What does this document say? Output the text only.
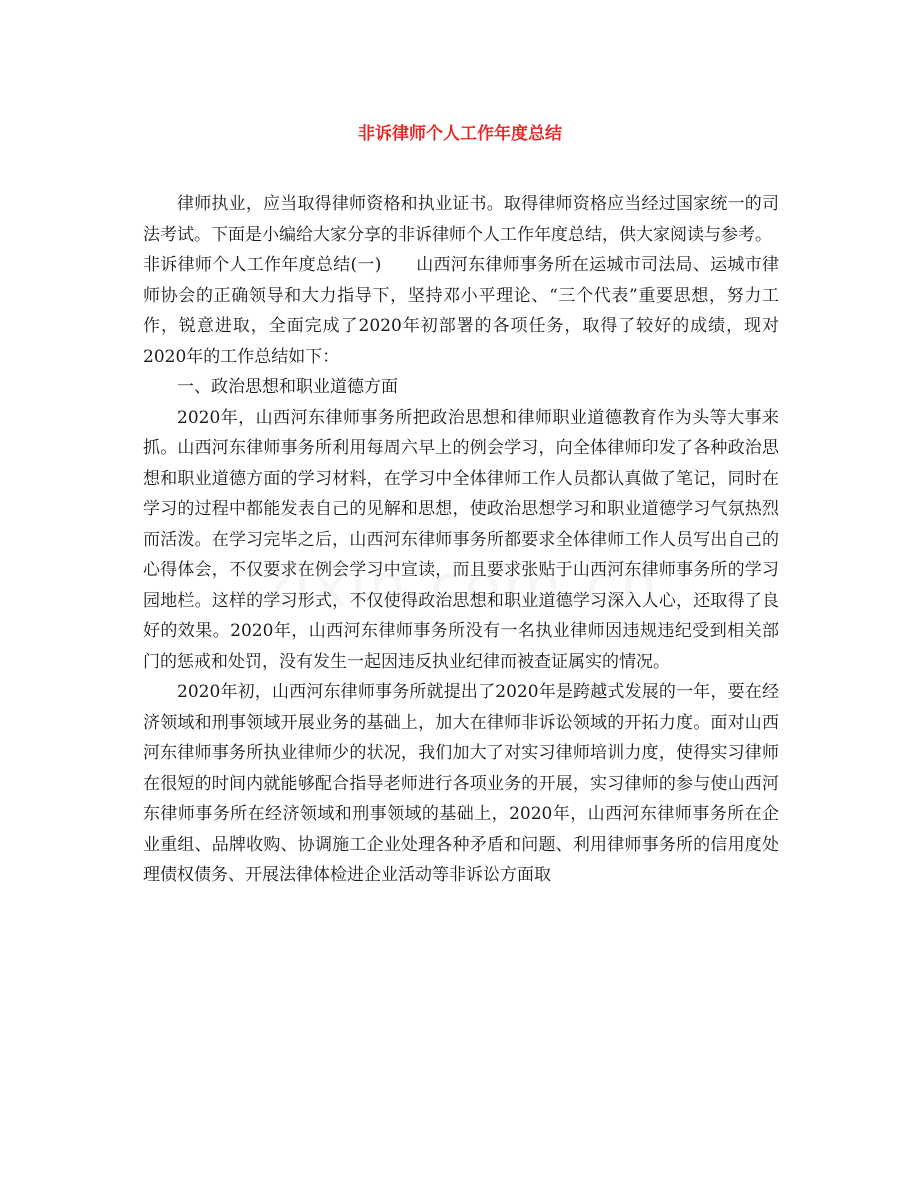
非诉律师个人工作年度总结

律师执业，应当取得律师资格和执业证书。取得律师资格应当经过国家统一的司法考试。下面是小编给大家分享的非诉律师个人工作年度总结，供大家阅读与参考。

非诉律师个人工作年度总结(一)　　山西河东律师事务所在运城市司法局、运城市律师协会的正确领导和大力指导下，坚持邓小平理论、“三个代表”重要思想，努力工作，锐意进取，全面完成了2020年初部署的各项任务，取得了较好的成绩，现对2020年的工作总结如下：

一、政治思想和职业道德方面

2020年，山西河东律师事务所把政治思想和律师职业道德教育作为头等大事来抓。山西河东律师事务所利用每周六早上的例会学习，向全体律师印发了各种政治思想和职业道德方面的学习材料，在学习中全体律师工作人员都认真做了笔记，同时在学习的过程中都能发表自己的见解和思想，使政治思想学习和职业道德学习气氛热烈而活泼。在学习完毕之后，山西河东律师事务所都要求全体律师工作人员写出自己的心得体会，不仅要求在例会学习中宣读，而且要求张贴于山西河东律师事务所的学习园地栏。这样的学习形式，不仅使得政治思想和职业道德学习深入人心，还取得了良好的效果。2020年，山西河东律师事务所没有一名执业律师因违规违纪受到相关部门的惩戒和处罚，没有发生一起因违反执业纪律而被查证属实的情况。

2020年初，山西河东律师事务所就提出了2020年是跨越式发展的一年，要在经济领域和刑事领域开展业务的基础上，加大在律师非诉讼领域的开拓力度。面对山西河东律师事务所执业律师少的状况，我们加大了对实习律师培训力度，使得实习律师在很短的时间内就能够配合指导老师进行各项业务的开展，实习律师的参与使山西河东律师事务所在经济领域和刑事领域的基础上，2020年，山西河东律师事务所在企业重组、品牌收购、协调施工企业处理各种矛盾和问题、利用律师事务所的信用度处理债权债务、开展法律体检进企业活动等非诉讼方面取
